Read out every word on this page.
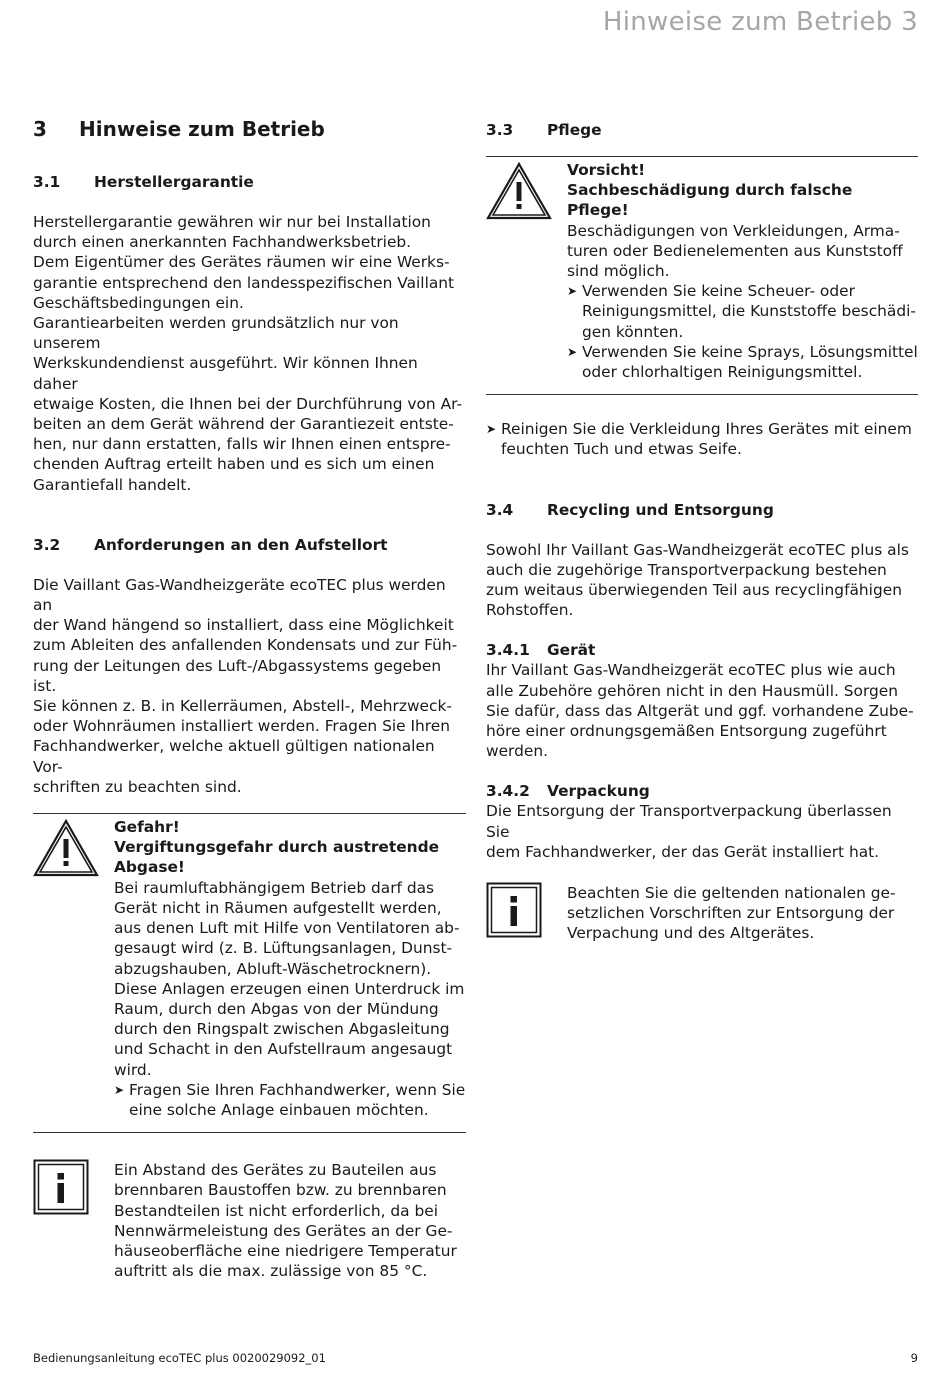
Hinweise zum Betrieb 3
3	Hinweise zum Betrieb
3.1	Herstellergarantie

Herstellergarantie gewähren wir nur bei Installation
durch einen anerkannten Fachhandwerksbetrieb.
Dem Eigentümer des Gerätes räumen wir eine Werks-
garantie entsprechend den landesspezifischen Vaillant
Geschäftsbedingungen ein.
Garantiearbeiten werden grundsätzlich nur von unserem
Werkskundendienst ausgeführt. Wir können Ihnen daher
etwaige Kosten, die Ihnen bei der Durchführung von Ar-
beiten an dem Gerät während der Garantiezeit entste-
hen, nur dann erstatten, falls wir Ihnen einen entspre-
chenden Auftrag erteilt haben und es sich um einen
Garantiefall handelt.

3.2	Anforderungen an den Aufstellort

Die Vaillant Gas-Wandheizgeräte ecoTEC plus werden an
der Wand hängend so installiert, dass eine Möglichkeit
zum Ableiten des anfallenden Kondensats und zur Füh-
rung der Leitungen des Luft-/Abgassystems gegeben
ist.
Sie können z. B. in Kellerräumen, Abstell-, Mehrzweck-
oder Wohnräumen installiert werden. Fragen Sie Ihren
Fachhandwerker, welche aktuell gültigen nationalen Vor-
schriften zu beachten sind.

Gefahr!
Vergiftungsgefahr durch austretende
Abgase!
Bei raumluftabhängigem Betrieb darf das
Gerät nicht in Räumen aufgestellt werden,
aus denen Luft mit Hilfe von Ventilatoren ab-
gesaugt wird (z. B. Lüftungsanlagen, Dunst-
abzugshauben, Abluft-Wäschetrocknern).
Diese Anlagen erzeugen einen Unterdruck im
Raum, durch den Abgas von der Mündung
durch den Ringspalt zwischen Abgasleitung
und Schacht in den Aufstellraum angesaugt
wird.
➤ Fragen Sie Ihren Fachhandwerker, wenn Sie
eine solche Anlage einbauen möchten.

Ein Abstand des Gerätes zu Bauteilen aus
brennbaren Baustoffen bzw. zu brennbaren
Bestandteilen ist nicht erforderlich, da bei
Nennwärmeleistung des Gerätes an der Ge-
häuseoberfläche eine niedrigere Temperatur
auftritt als die max. zulässige von 85 °C.

3.3	Pflege
Vorsicht!
Sachbeschädigung durch falsche Pflege!
Beschädigungen von Verkleidungen, Arma-
turen oder Bedienelementen aus Kunststoff
sind möglich.
➤ Verwenden Sie keine Scheuer- oder
Reinigungsmittel, die Kunststoffe beschädi-
gen könnten.
➤ Verwenden Sie keine Sprays, Lösungsmittel
oder chlorhaltigen Reinigungsmittel.
➤ Reinigen Sie die Verkleidung Ihres Gerätes mit einem
feuchten Tuch und etwas Seife.
3.4	Recycling und Entsorgung

Sowohl Ihr Vaillant Gas-Wandheizgerät ecoTEC plus als
auch die zugehörige Transportverpackung bestehen
zum weitaus überwiegenden Teil aus recyclingfähigen
Rohstoffen.

3.4.1	Gerät

Ihr Vaillant Gas-Wandheizgerät ecoTEC plus wie auch
alle Zubehöre gehören nicht in den Hausmüll. Sorgen
Sie dafür, dass das Altgerät und ggf. vorhandene Zube-
höre einer ordnungsgemäßen Entsorgung zugeführt
werden.

3.4.2	Verpackung

Die Entsorgung der Transportverpackung überlassen Sie
dem Fachhandwerker, der das Gerät installiert hat.

Beachten Sie die geltenden nationalen ge-
setzlichen Vorschriften zur Entsorgung der
Verpachung und des Altgerätes.

Bedienungsanleitung ecoTEC plus 0020029092_01	9
